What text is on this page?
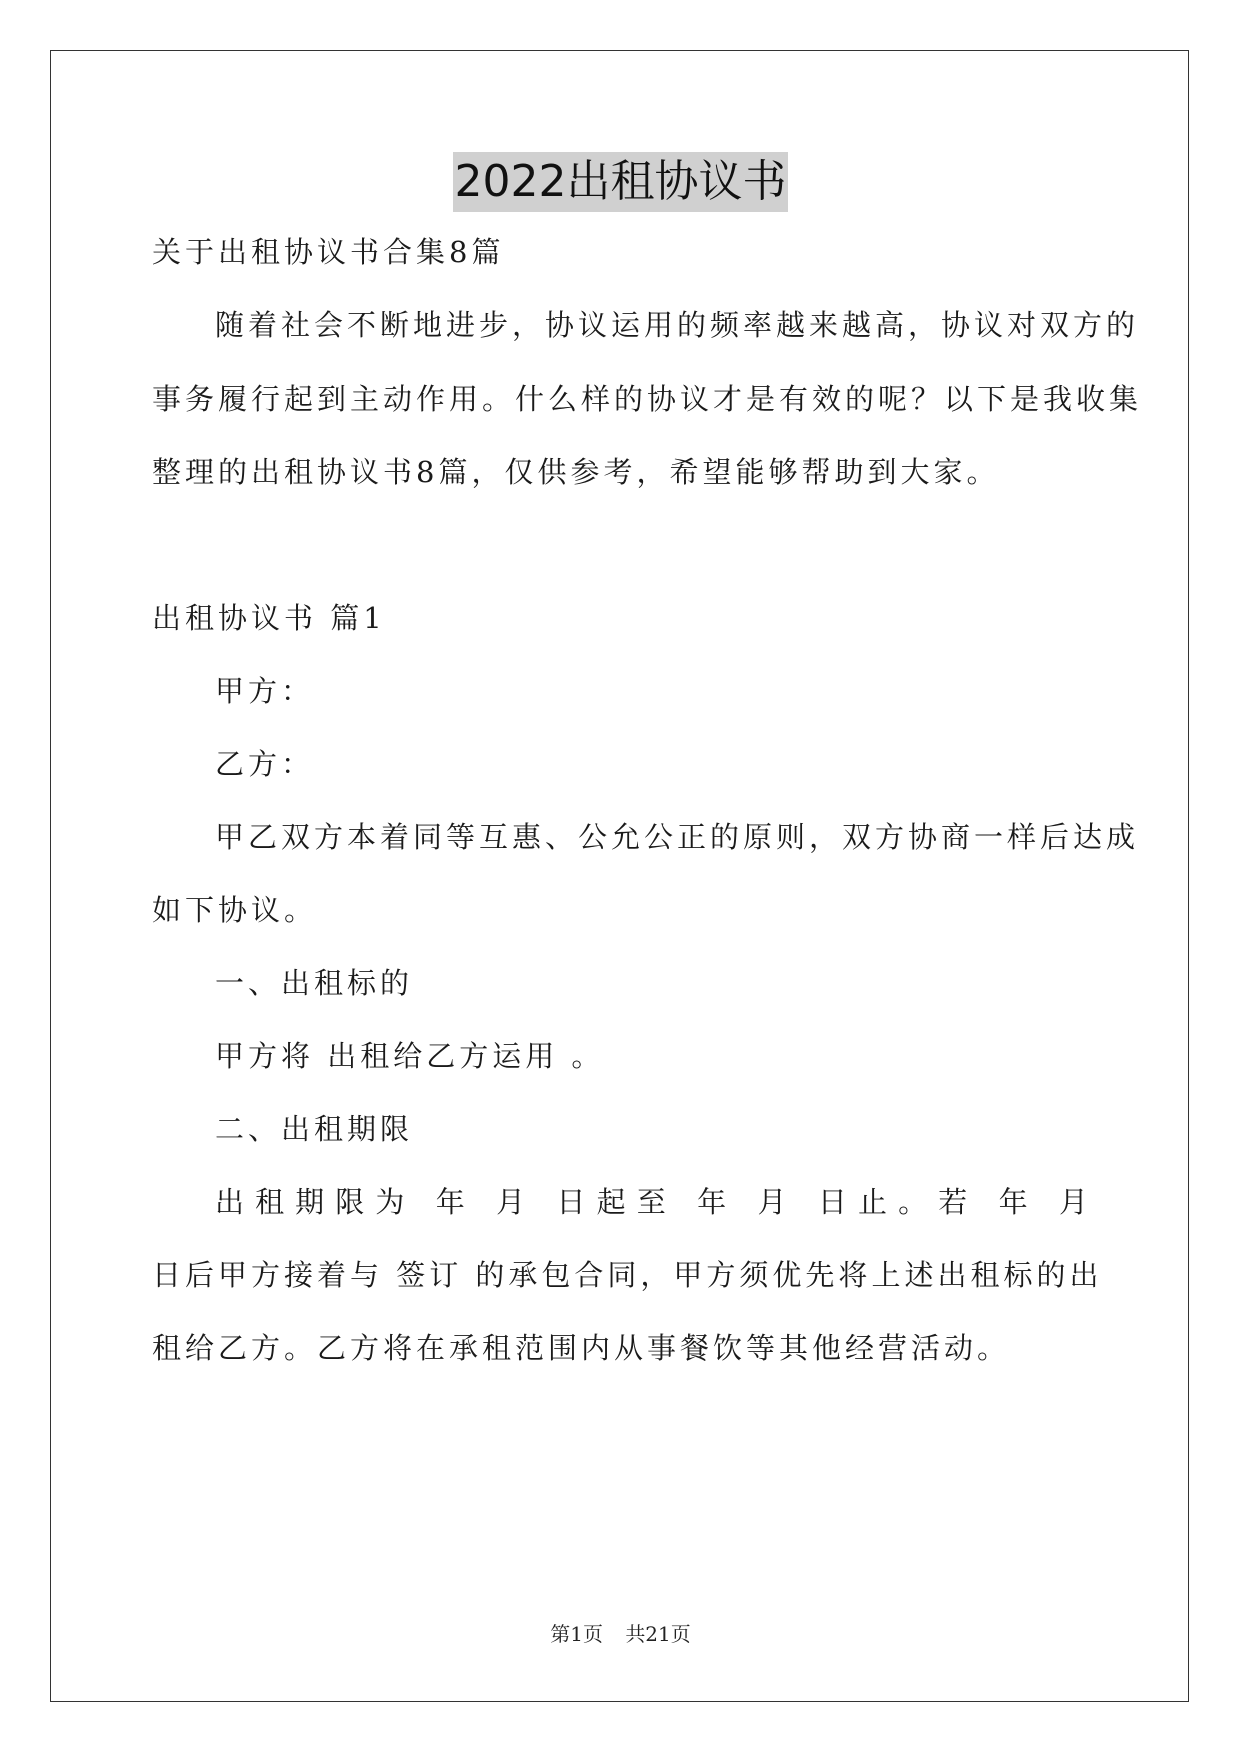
2022出租协议书
关于出租协议书合集8篇
随着社会不断地进步，协议运用的频率越来越高，协议对双方的
事务履行起到主动作用。什么样的协议才是有效的呢？以下是我收集
整理的出租协议书8篇，仅供参考，希望能够帮助到大家。
出租协议书 篇1
甲方：
乙方：
甲乙双方本着同等互惠、公允公正的原则，双方协商一样后达成
如下协议。
一、出租标的
甲方将 出租给乙方运用 。
二、出租期限
出租期限为 年 月 日起至 年 月 日止。若 年 月
日后甲方接着与 签订 的承包合同，甲方须优先将上述出租标的出
租给乙方。乙方将在承租范围内从事餐饮等其他经营活动。
第1页 共21页
